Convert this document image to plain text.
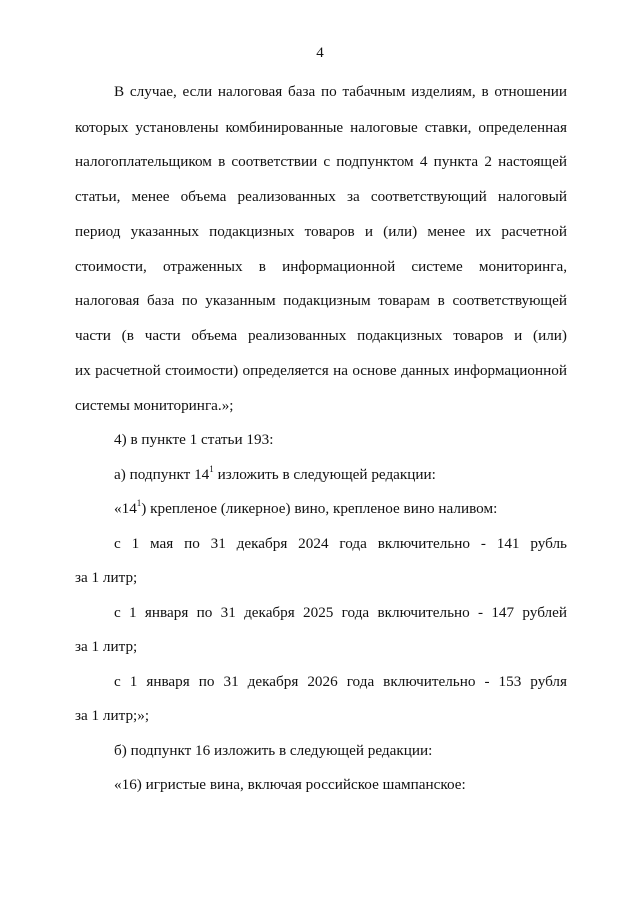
4
В случае, если налоговая база по табачным изделиям, в отношении
которых установлены комбинированные налоговые ставки, определенная
налогоплательщиком в соответствии с подпунктом 4 пункта 2 настоящей
статьи, менее объема реализованных за соответствующий налоговый
период указанных подакцизных товаров и (или) менее их расчетной
стоимости, отраженных в информационной системе мониторинга,
налоговая база по указанным подакцизным товарам в соответствующей
части (в части объема реализованных подакцизных товаров и (или)
их расчетной стоимости) определяется на основе данных информационной
системы мониторинга.»;
4) в пункте 1 статьи 193:
а) подпункт $14^1$ изложить в следующей редакции:
«$14^1$) крепленое (ликерное) вино, крепленое вино наливом:
с 1 мая по 31 декабря 2024 года включительно - 141 рубль
за 1 литр;
с 1 января по 31 декабря 2025 года включительно - 147 рублей
за 1 литр;
с 1 января по 31 декабря 2026 года включительно - 153 рубля
за 1 литр;»;
б) подпункт 16 изложить в следующей редакции:
«16) игристые вина, включая российское шампанское:
